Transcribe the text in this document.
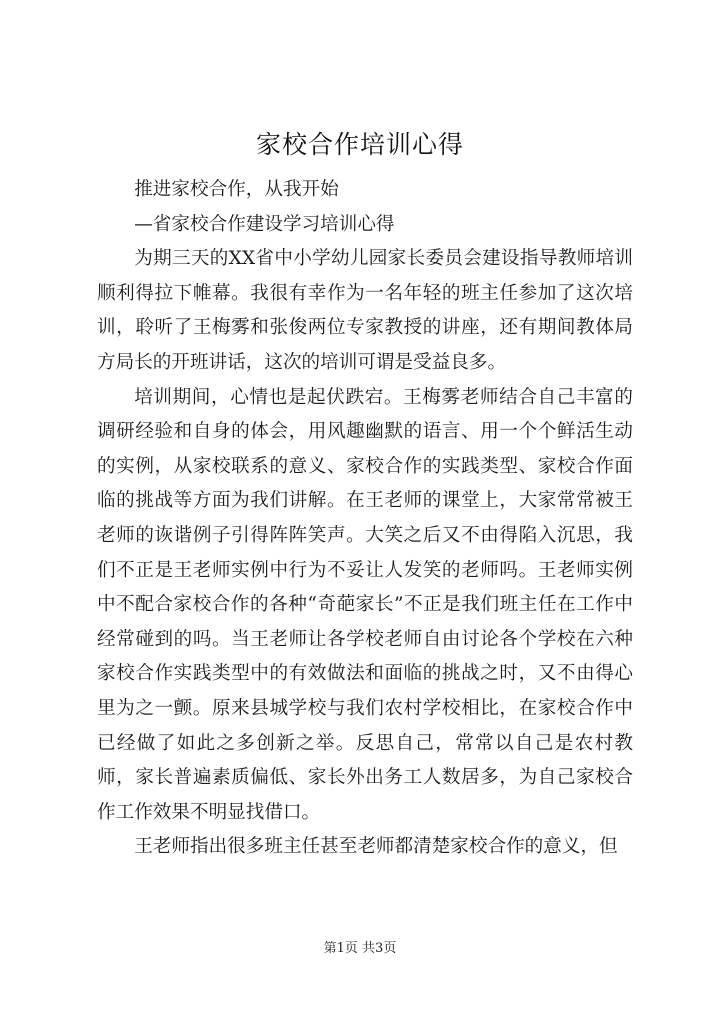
家校合作培训心得

推进家校合作，从我开始

—省家校合作建设学习培训心得

为期三天的XX省中小学幼儿园家长委员会建设指导教师培训顺利得拉下帷幕。我很有幸作为一名年轻的班主任参加了这次培训，聆听了王梅雾和张俊两位专家教授的讲座，还有期间教体局方局长的开班讲话，这次的培训可谓是受益良多。

培训期间，心情也是起伏跌宕。王梅雾老师结合自己丰富的调研经验和自身的体会，用风趣幽默的语言、用一个个鲜活生动的实例，从家校联系的意义、家校合作的实践类型、家校合作面临的挑战等方面为我们讲解。在王老师的课堂上，大家常常被王老师的诙谐例子引得阵阵笑声。大笑之后又不由得陷入沉思，我们不正是王老师实例中行为不妥让人发笑的老师吗。王老师实例中不配合家校合作的各种“奇葩家长”不正是我们班主任在工作中经常碰到的吗。当王老师让各学校老师自由讨论各个学校在六种家校合作实践类型中的有效做法和面临的挑战之时，又不由得心里为之一颤。原来县城学校与我们农村学校相比，在家校合作中已经做了如此之多创新之举。反思自己，常常以自己是农村教师，家长普遍素质偏低、家长外出务工人数居多，为自己家校合作工作效果不明显找借口。

王老师指出很多班主任甚至老师都清楚家校合作的意义，但

第1页 共3页
